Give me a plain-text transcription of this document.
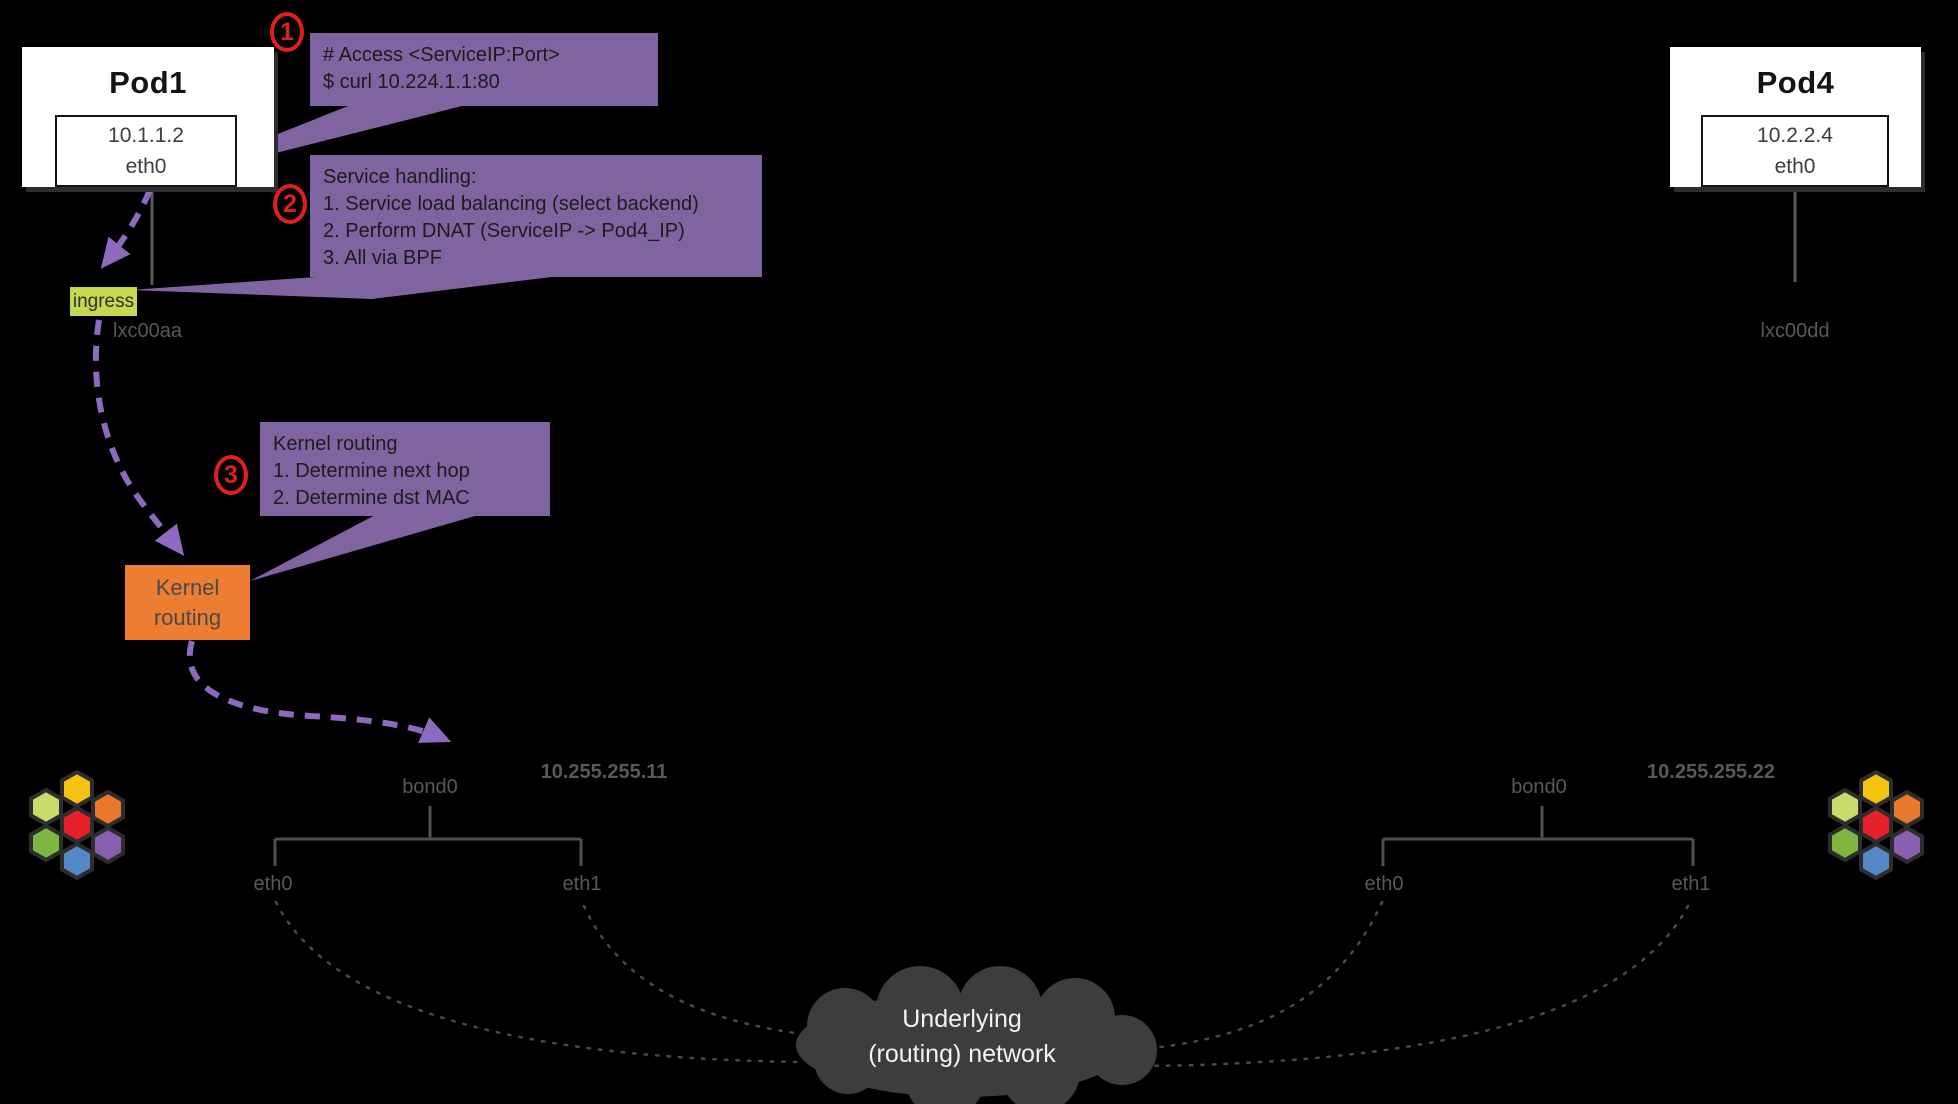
Pod1
10.1.1.2
eth0
Pod4
10.2.2.4
eth0
1
2
3
# Access <ServiceIP:Port>
$ curl 10.224.1.1:80
Service handling:
1. Service load balancing (select backend)
2. Perform DNAT (ServiceIP -> Pod4_IP)
3. All via BPF
Kernel routing
1. Determine next hop
2. Determine dst MAC
ingress
lxc00aa	lxc00dd
Kernel
routing
bond0
10.255.255.11
eth0	eth1
bond0
10.255.255.22
eth0	eth1
Underlying
(routing) network
